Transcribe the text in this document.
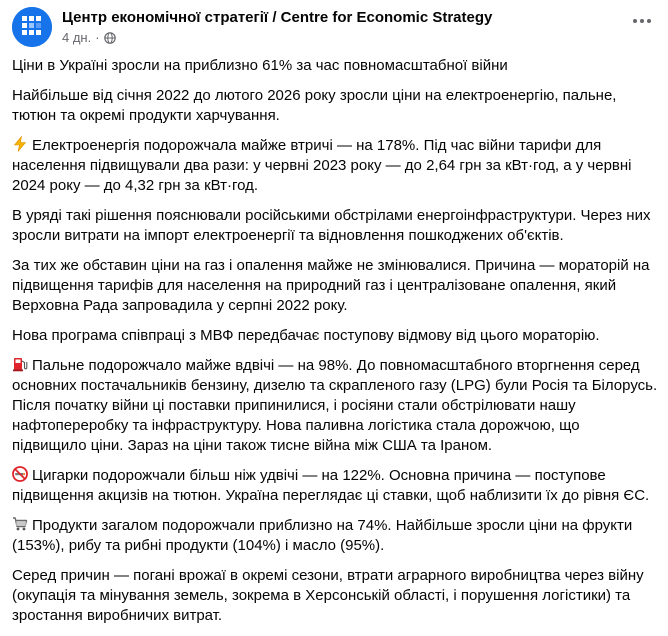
Центр економічної стратегії / Centre for Economic Strategy
4 дн. ·

Ціни в Україні зросли на приблизно 61% за час повномасштабної війни

Найбільше від січня 2022 до лютого 2026 року зросли ціни на електроенергію, пальне, тютюн та окремі продукти харчування.

Електроенергія подорожчала майже втричі — на 178%. Під час війни тарифи для населення підвищували два рази: у червні 2023 року — до 2,64 грн за кВт·год, а у червні 2024 року — до 4,32 грн за кВт·год.

В уряді такі рішення пояснювали російськими обстрілами енергоінфраструктури. Через них зросли витрати на імпорт електроенергії та відновлення пошкоджених об'єктів.

За тих же обставин ціни на газ і опалення майже не змінювалися. Причина — мораторій на підвищення тарифів для населення на природний газ і централізоване опалення, який Верховна Рада запровадила у серпні 2022 року.

Нова програма співпраці з МВФ передбачає поступову відмову від цього мораторію.

Пальне подорожчало майже вдвічі — на 98%. До повномасштабного вторгнення серед основних постачальників бензину, дизелю та скрапленого газу (LPG) були Росія та Білорусь. Після початку війни ці поставки припинилися, і росіяни стали обстрілювати нашу нафтопереробку та інфраструктуру. Нова паливна логістика стала дорожчою, що підвищило ціни. Зараз на ціни також тисне війна між США та Іраном.

Цигарки подорожчали більш ніж удвічі — на 122%. Основна причина — поступове підвищення акцизів на тютюн. Україна переглядає ці ставки, щоб наблизити їх до рівня ЄС.

Продукти загалом подорожчали приблизно на 74%. Найбільше зросли ціни на фрукти (153%), рибу та рибні продукти (104%) і масло (95%).

Серед причин — погані врожаї в окремі сезони, втрати аграрного виробництва через війну (окупація та мінування земель, зокрема в Херсонській області, і порушення логістики) та зростання виробничих витрат.
